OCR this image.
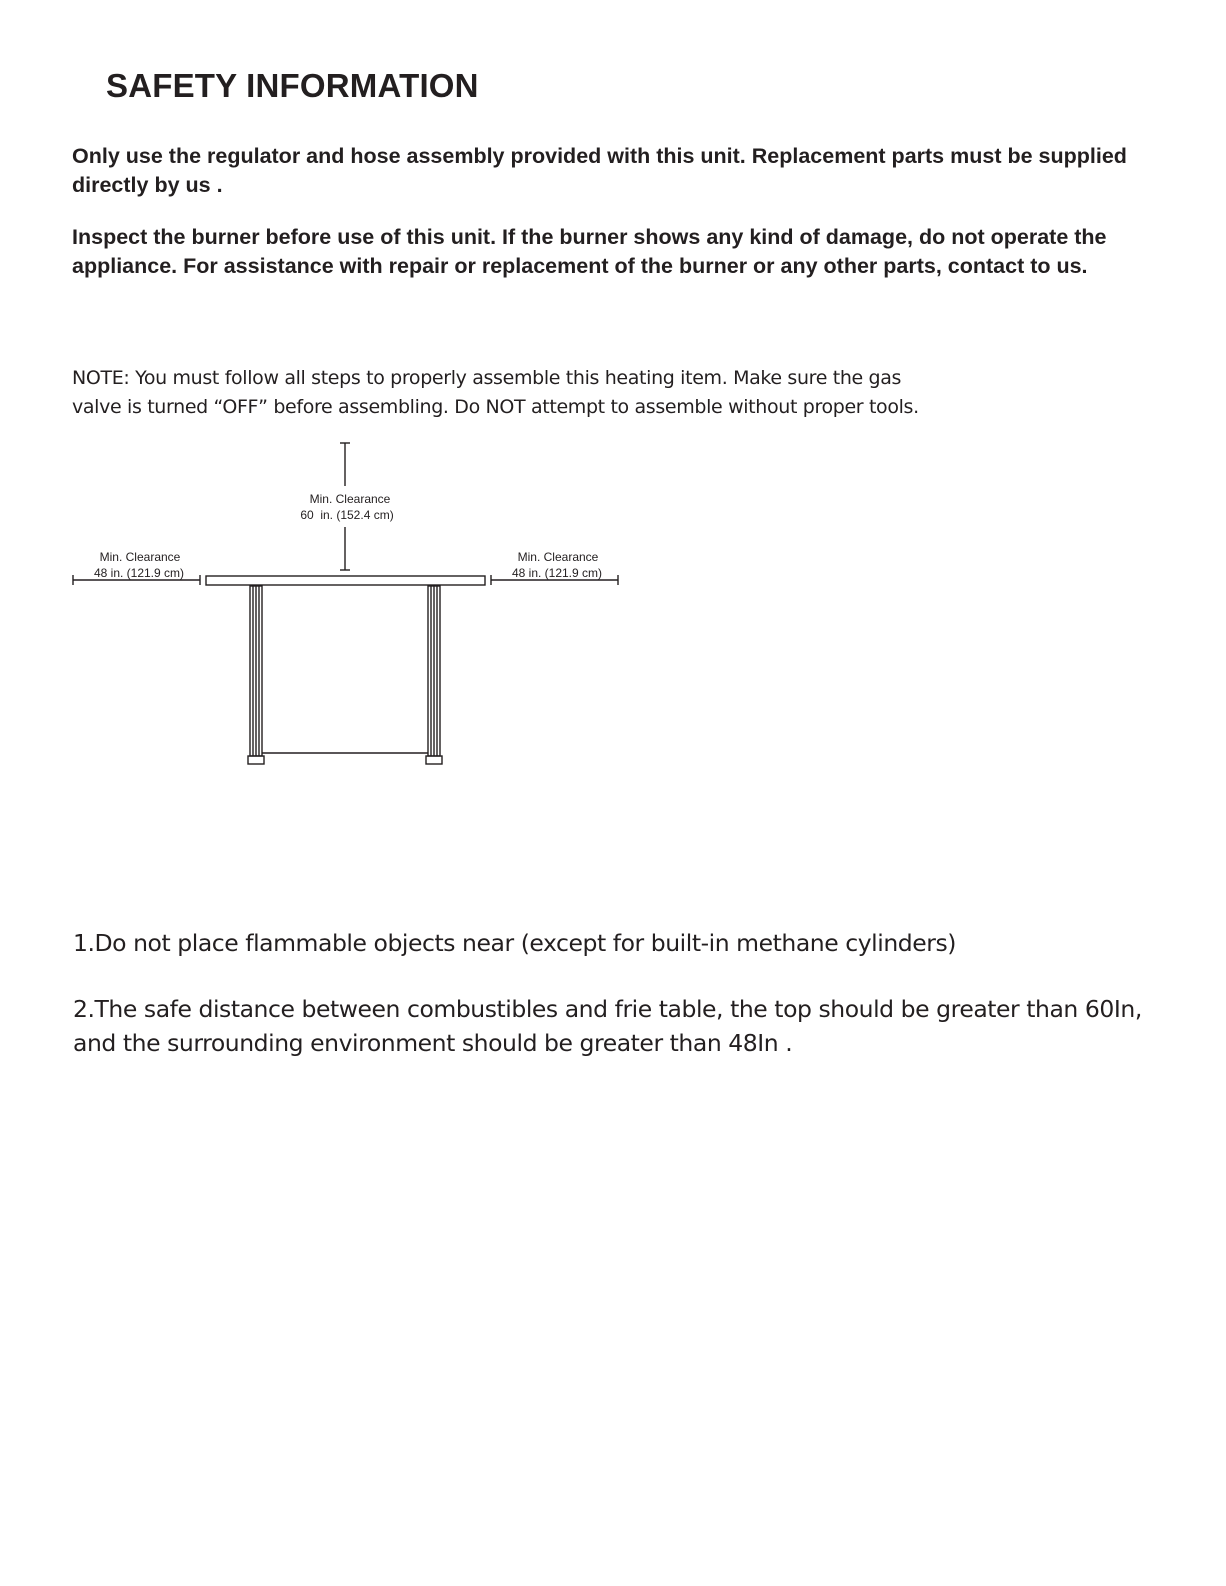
SAFETY INFORMATION

Only use the regulator and hose assembly provided with this unit. Replacement parts must be supplied directly by us .

Inspect the burner before use of this unit. If the burner shows any kind of damage, do not operate the appliance. For assistance with repair or replacement of the burner or any other parts, contact to us.

NOTE: You must follow all steps to properly assemble this heating item. Make sure the gas
valve is turned “OFF” before assembling. Do NOT attempt to assemble without proper tools.
Min. Clearance
60  in. (152.4 cm)
Min. Clearance
48 in. (121.9 cm)
Min. Clearance
48 in. (121.9 cm)
1.Do not place flammable objects near (except for built-in methane cylinders)
2.The safe distance between combustibles and frie table, the top should be greater than 60In,
and the surrounding environment should be greater than 48In .
